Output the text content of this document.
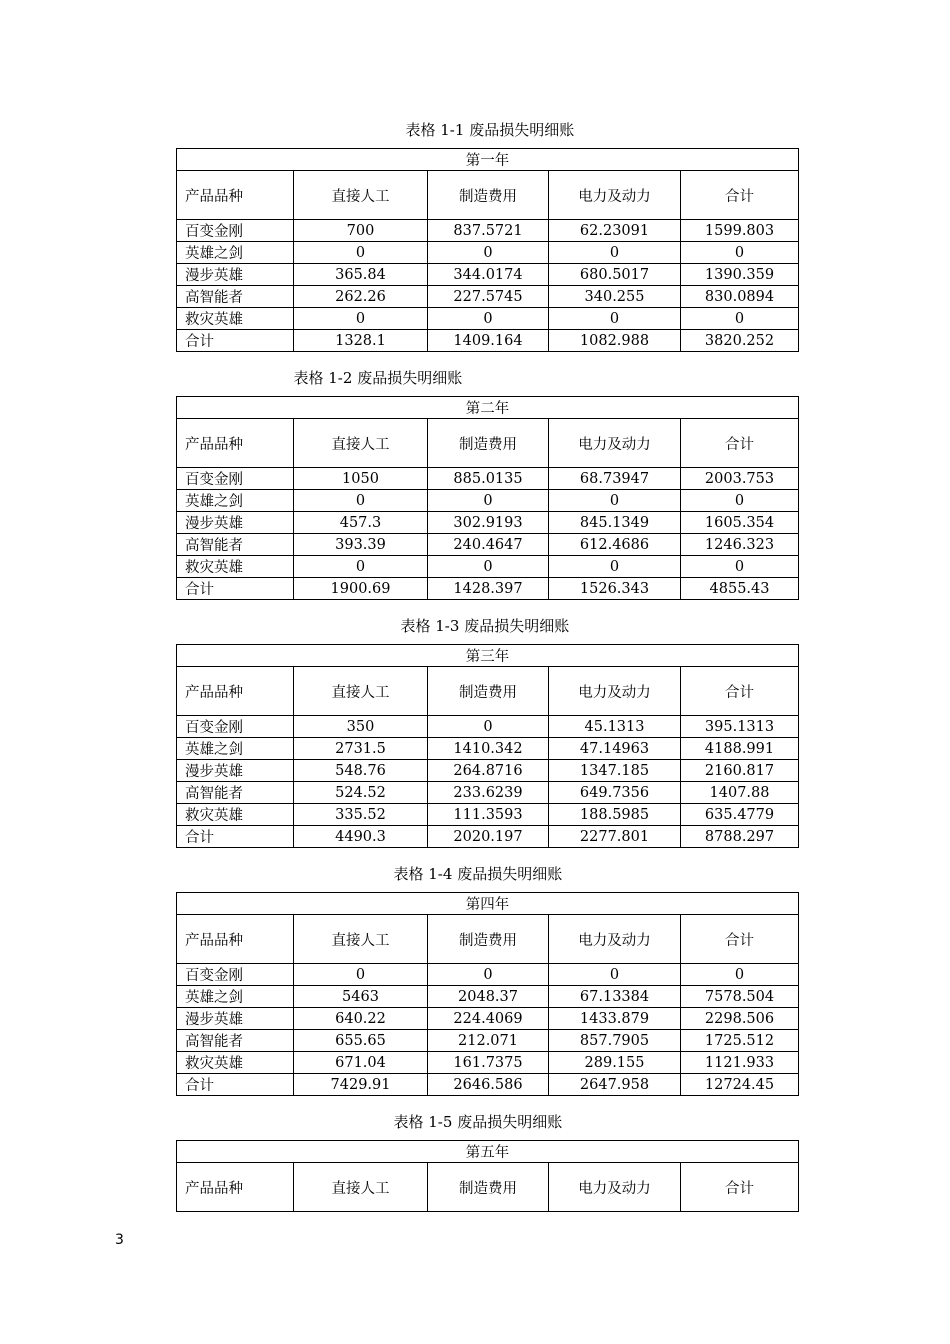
表格 1-1 废品损失明细账
第一年				
产品品种	直接人工	制造费用	电力及动力	合计
百变金刚	700	837.5721	62.23091	1599.803
英雄之剑	0	0	0	0
漫步英雄	365.84	344.0174	680.5017	1390.359
高智能者	262.26	227.5745	340.255	830.0894
救灾英雄	0	0	0	0
合计	1328.1	1409.164	1082.988	3820.252
表格 1-2 废品损失明细账
第二年				
产品品种	直接人工	制造费用	电力及动力	合计
百变金刚	1050	885.0135	68.73947	2003.753
英雄之剑	0	0	0	0
漫步英雄	457.3	302.9193	845.1349	1605.354
高智能者	393.39	240.4647	612.4686	1246.323
救灾英雄	0	0	0	0
合计	1900.69	1428.397	1526.343	4855.43
表格 1-3 废品损失明细账
第三年				
产品品种	直接人工	制造费用	电力及动力	合计
百变金刚	350	0	45.1313	395.1313
英雄之剑	2731.5	1410.342	47.14963	4188.991
漫步英雄	548.76	264.8716	1347.185	2160.817
高智能者	524.52	233.6239	649.7356	1407.88
救灾英雄	335.52	111.3593	188.5985	635.4779
合计	4490.3	2020.197	2277.801	8788.297
表格 1-4 废品损失明细账
第四年				
产品品种	直接人工	制造费用	电力及动力	合计
百变金刚	0	0	0	0
英雄之剑	5463	2048.37	67.13384	7578.504
漫步英雄	640.22	224.4069	1433.879	2298.506
高智能者	655.65	212.071	857.7905	1725.512
救灾英雄	671.04	161.7375	289.155	1121.933
合计	7429.91	2646.586	2647.958	12724.45
表格 1-5 废品损失明细账
第五年
产品品种	直接人工	制造费用	电力及动力	合计
3
